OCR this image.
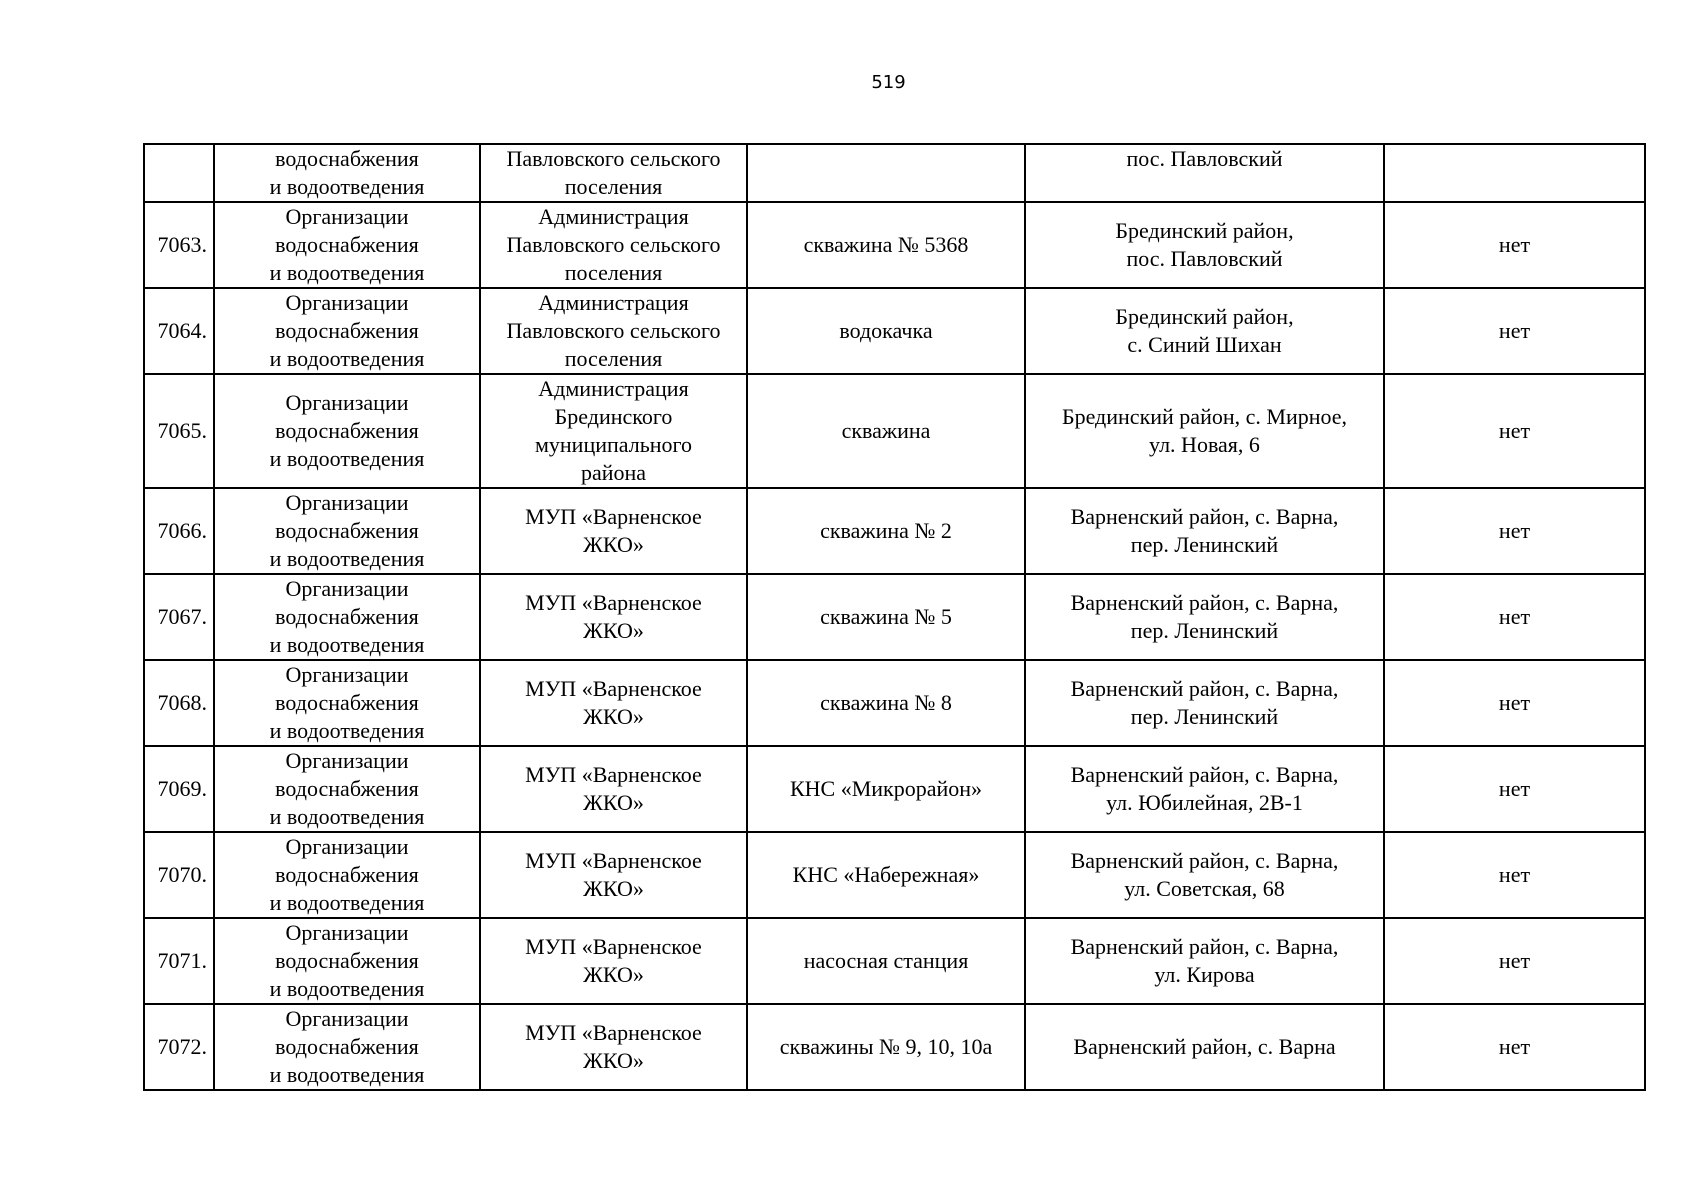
519
	водоснабжения
и водоотведения	Павловского сельского
поселения		пос. Павловский	
7063.	Организации
водоснабжения
и водоотведения	Администрация
Павловского сельского
поселения	скважина № 5368	Брединский район,
пос. Павловский	нет
7064.	Организации
водоснабжения
и водоотведения	Администрация
Павловского сельского
поселения	водокачка	Брединский район,
с. Синий Шихан	нет
7065.	Организации
водоснабжения
и водоотведения	Администрация
Брединского
муниципального
района	скважина	Брединский район, с. Мирное,
ул. Новая, 6	нет
7066.	Организации
водоснабжения
и водоотведения	МУП «Варненское
ЖКО»	скважина № 2	Варненский район, с. Варна,
пер. Ленинский	нет
7067.	Организации
водоснабжения
и водоотведения	МУП «Варненское
ЖКО»	скважина № 5	Варненский район, с. Варна,
пер. Ленинский	нет
7068.	Организации
водоснабжения
и водоотведения	МУП «Варненское
ЖКО»	скважина № 8	Варненский район, с. Варна,
пер. Ленинский	нет
7069.	Организации
водоснабжения
и водоотведения	МУП «Варненское
ЖКО»	КНС «Микрорайон»	Варненский район, с. Варна,
ул. Юбилейная, 2В-1	нет
7070.	Организации
водоснабжения
и водоотведения	МУП «Варненское
ЖКО»	КНС «Набережная»	Варненский район, с. Варна,
ул. Советская, 68	нет
7071.	Организации
водоснабжения
и водоотведения	МУП «Варненское
ЖКО»	насосная станция	Варненский район, с. Варна,
ул. Кирова	нет
7072.	Организации
водоснабжения
и водоотведения	МУП «Варненское
ЖКО»	скважины № 9, 10, 10а	Варненский район, с. Варна	нет
